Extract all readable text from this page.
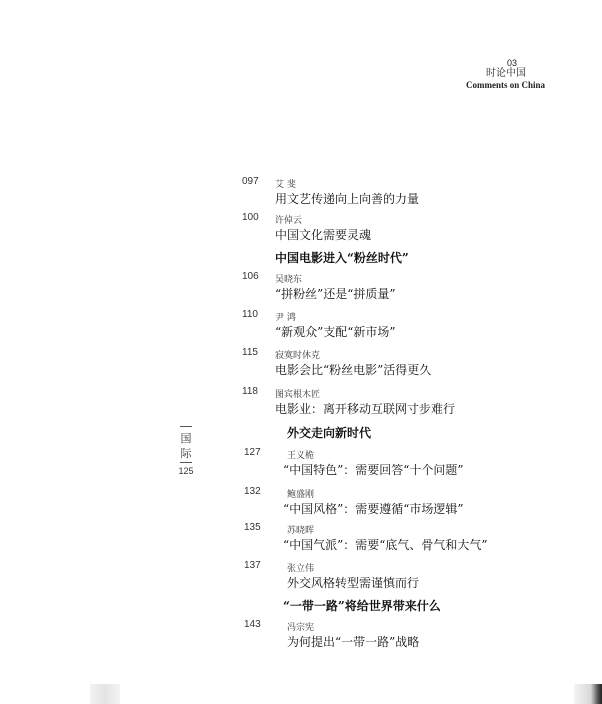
03
时论中国
Comments on China
097 艾 斐
用文艺传递向上向善的力量
100 许倬云
中国文化需要灵魂
中国电影进入“粉丝时代”
106 吴晓东
“拼粉丝”还是“拼质量”
110 尹 鸿
“新观众”支配“新市场”
115 寂寞时休克
电影会比“粉丝电影”活得更久
118 图宾根木匠
电影业：离开移动互联网寸步难行
外交走向新时代
国
际
125
127	王义桅
“中国特色”：需要回答“十个问题”
132	鲍盛刚
“中国风格”：需要遵循“市场逻辑”
135	苏晓晖
“中国气派”：需要“底气、骨气和大气”
137	张立伟
外交风格转型需谨慎而行
“一带一路”将给世界带来什么
143	冯宗宪
为何提出“一带一路”战略
